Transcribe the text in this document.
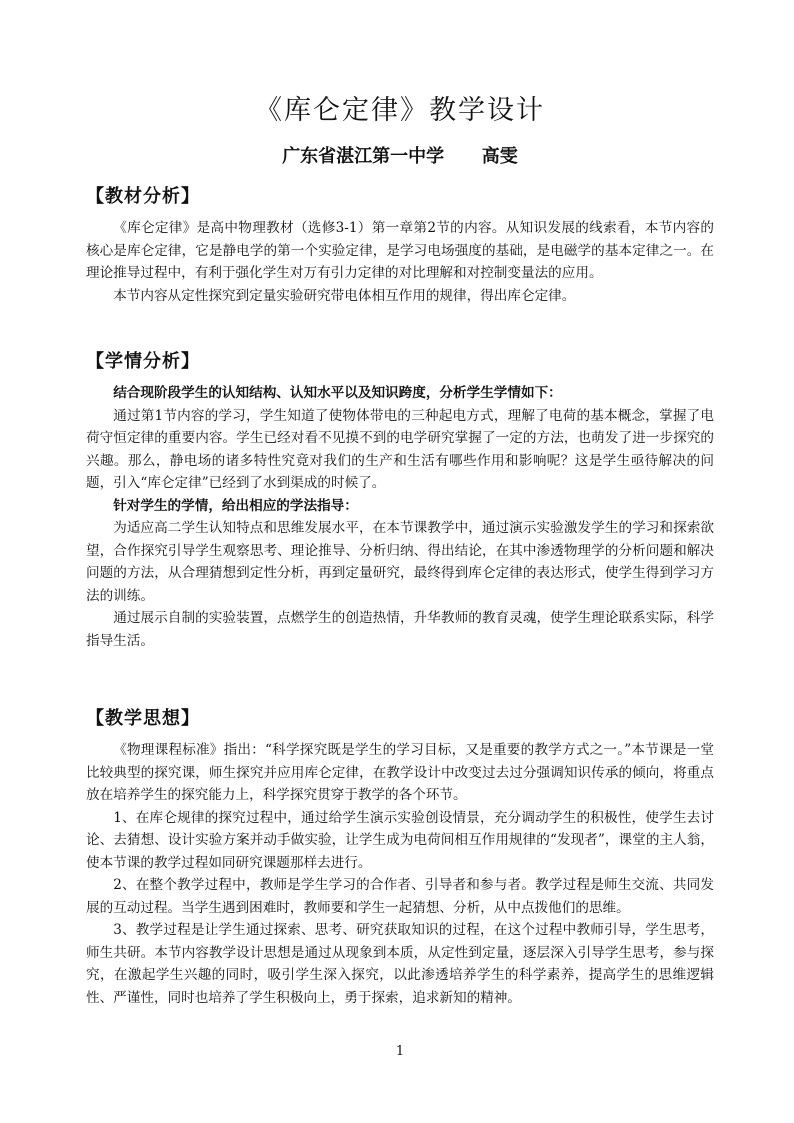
《库仑定律》教学设计

广东省湛江第一中学      高雯

【教材分析】

《库仑定律》是高中物理教材（选修3-1）第一章第2节的内容。从知识发展的线索看，本节内容的核心是库仑定律，它是静电学的第一个实验定律，是学习电场强度的基础，是电磁学的基本定律之一。在理论推导过程中，有利于强化学生对万有引力定律的对比理解和对控制变量法的应用。

本节内容从定性探究到定量实验研究带电体相互作用的规律，得出库仑定律。

【学情分析】

结合现阶段学生的认知结构、认知水平以及知识跨度，分析学生学情如下：

通过第1节内容的学习，学生知道了使物体带电的三种起电方式，理解了电荷的基本概念，掌握了电荷守恒定律的重要内容。学生已经对看不见摸不到的电学研究掌握了一定的方法，也萌发了进一步探究的兴趣。那么，静电场的诸多特性究竟对我们的生产和生活有哪些作用和影响呢？这是学生亟待解决的问题，引入“库仑定律”已经到了水到渠成的时候了。

针对学生的学情，给出相应的学法指导：

为适应高二学生认知特点和思维发展水平，在本节课教学中，通过演示实验激发学生的学习和探索欲望，合作探究引导学生观察思考、理论推导、分析归纳、得出结论，在其中渗透物理学的分析问题和解决问题的方法，从合理猜想到定性分析，再到定量研究，最终得到库仑定律的表达形式，使学生得到学习方法的训练。

通过展示自制的实验装置，点燃学生的创造热情，升华教师的教育灵魂，使学生理论联系实际，科学指导生活。

【教学思想】

《物理课程标准》指出：“科学探究既是学生的学习目标，又是重要的教学方式之一。”本节课是一堂比较典型的探究课，师生探究并应用库仑定律，在教学设计中改变过去过分强调知识传承的倾向，将重点放在培养学生的探究能力上，科学探究贯穿于教学的各个环节。

1、在库仑规律的探究过程中，通过给学生演示实验创设情景，充分调动学生的积极性，使学生去讨论、去猜想、设计实验方案并动手做实验，让学生成为电荷间相互作用规律的“发现者”，课堂的主人翁，使本节课的教学过程如同研究课题那样去进行。

2、在整个教学过程中，教师是学生学习的合作者、引导者和参与者。教学过程是师生交流、共同发展的互动过程。当学生遇到困难时，教师要和学生一起猜想、分析，从中点拨他们的思维。

3、教学过程是让学生通过探索、思考、研究获取知识的过程，在这个过程中教师引导，学生思考，师生共研。本节内容教学设计思想是通过从现象到本质，从定性到定量，逐层深入引导学生思考，参与探究，在激起学生兴趣的同时，吸引学生深入探究，以此渗透培养学生的科学素养，提高学生的思维逻辑性、严谨性，同时也培养了学生积极向上，勇于探索，追求新知的精神。

1
